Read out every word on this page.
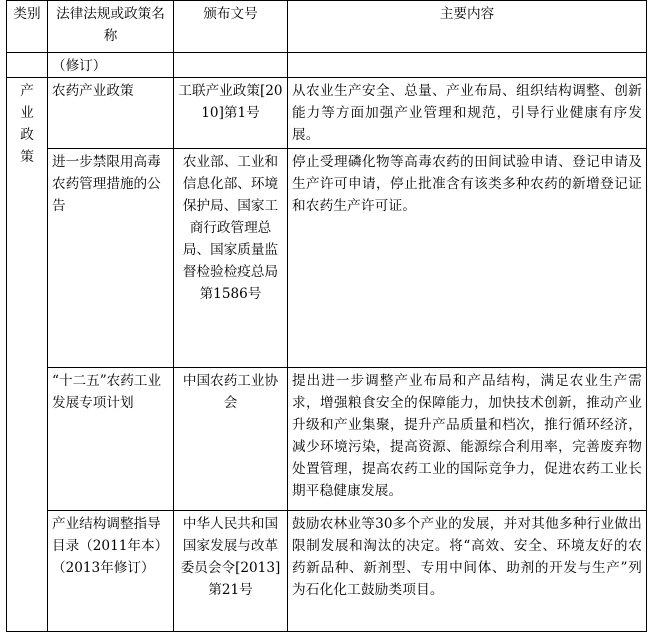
类别	法律法规或政策名称	颁布文号	主要内容
	（修订）		
产业政策	农药产业政策	工联产业政策[2010]第1号	从农业生产安全、总量、产业布局、组织结构调整、创新能力等方面加强产业管理和规范，引导行业健康有序发展。
	进一步禁限用高毒农药管理措施的公告	农业部、工业和信息化部、环境保护局、国家工商行政管理总局、国家质量监督检验检疫总局第1586号	停止受理磷化物等高毒农药的田间试验申请、登记申请及生产许可申请，停止批准含有该类多种农药的新增登记证和农药生产许可证。
	“十二五”农药工业发展专项计划	中国农药工业协会	提出进一步调整产业布局和产品结构，满足农业生产需求，增强粮食安全的保障能力，加快技术创新，推动产业升级和产业集聚，提升产品质量和档次，推行循环经济，减少环境污染，提高资源、能源综合利用率，完善废弃物处置管理，提高农药工业的国际竞争力，促进农药工业长期平稳健康发展。
	产业结构调整指导目录（2011年本）（2013年修订）	中华人民共和国国家发展与改革委员会令[2013]第21号	鼓励农林业等30多个产业的发展，并对其他多种行业做出限制发展和淘汰的决定。将“高效、安全、环境友好的农药新品种、新剂型、专用中间体、助剂的开发与生产”列为石化化工鼓励类项目。
